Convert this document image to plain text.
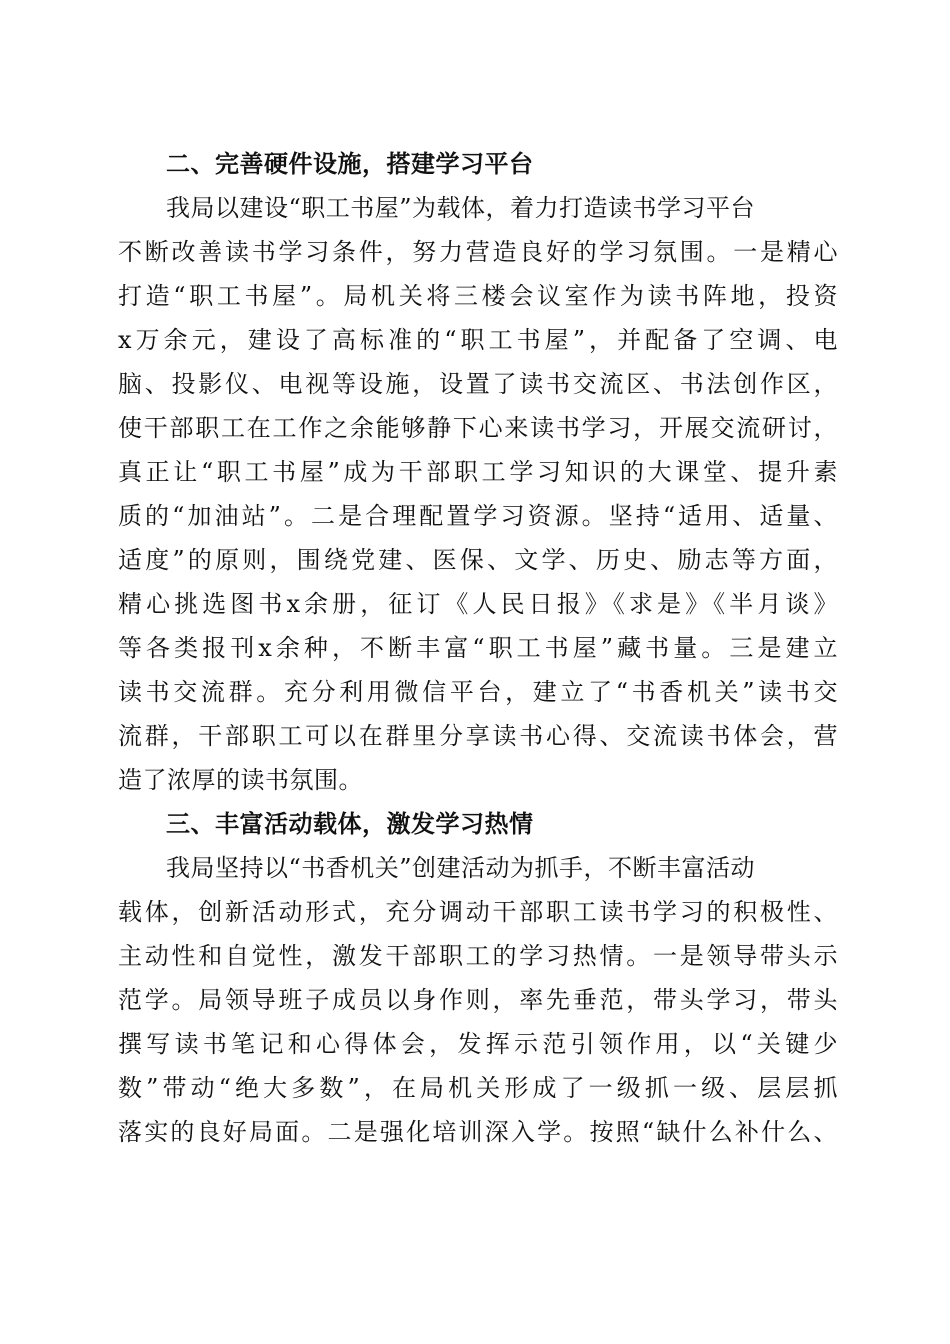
二、完善硬件设施，搭建学习平台
我局以建设“职工书屋”为载体，着力打造读书学习平台
不断改善读书学习条件，努力营造良好的学习氛围。一是精心
打造“职工书屋”。局机关将三楼会议室作为读书阵地，投资
x万余元，建设了高标准的“职工书屋”，并配备了空调、电
脑、投影仪、电视等设施，设置了读书交流区、书法创作区，
使干部职工在工作之余能够静下心来读书学习，开展交流研讨，
真正让“职工书屋”成为干部职工学习知识的大课堂、提升素
质的“加油站”。二是合理配置学习资源。坚持“适用、适量、
适度”的原则，围绕党建、医保、文学、历史、励志等方面，
精心挑选图书x余册，征订《人民日报》《求是》《半月谈》
等各类报刊x余种，不断丰富“职工书屋”藏书量。三是建立
读书交流群。充分利用微信平台，建立了“书香机关”读书交
流群，干部职工可以在群里分享读书心得、交流读书体会，营
造了浓厚的读书氛围。
三、丰富活动载体，激发学习热情
我局坚持以“书香机关”创建活动为抓手，不断丰富活动
载体，创新活动形式，充分调动干部职工读书学习的积极性、
主动性和自觉性，激发干部职工的学习热情。一是领导带头示
范学。局领导班子成员以身作则，率先垂范，带头学习，带头
撰写读书笔记和心得体会，发挥示范引领作用，以“关键少
数”带动“绝大多数”，在局机关形成了一级抓一级、层层抓
落实的良好局面。二是强化培训深入学。按照“缺什么补什么、
